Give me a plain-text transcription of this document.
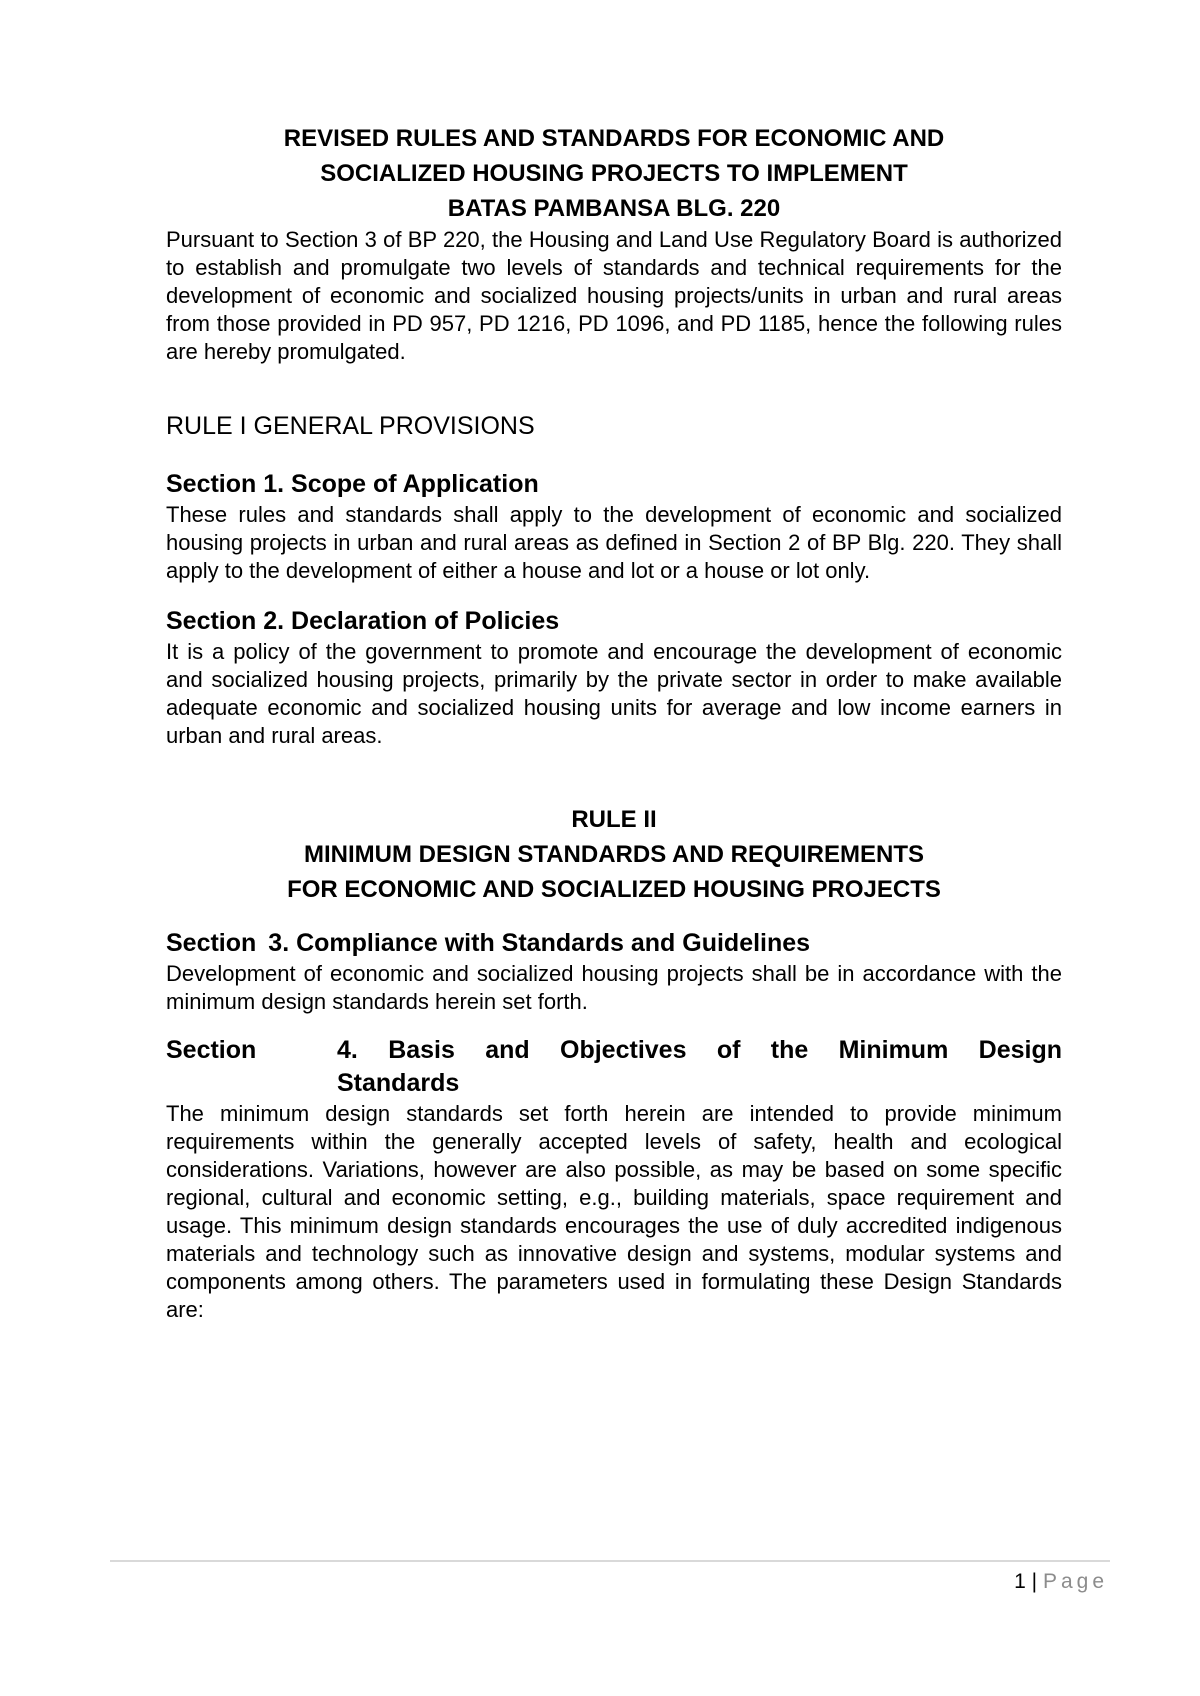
REVISED RULES AND STANDARDS FOR ECONOMIC AND
SOCIALIZED HOUSING PROJECTS TO IMPLEMENT
BATAS PAMBANSA BLG. 220

Pursuant to Section 3 of BP 220, the Housing and Land Use Regulatory Board is authorized to establish and promulgate two levels of standards and technical requirements for the development of economic and socialized housing projects/units in urban and rural areas from those provided in PD 957, PD 1216, PD 1096, and PD 1185, hence the following rules are hereby promulgated.

RULE I GENERAL PROVISIONS
Section 1. Scope of Application

These rules and standards shall apply to the development of economic and socialized housing projects in urban and rural areas as defined in Section 2 of BP Blg. 220. They shall apply to the development of either a house and lot or a house or lot only.

Section 2. Declaration of Policies

It is a policy of the government to promote and encourage the development of economic and socialized housing projects, primarily by the private sector in order to make available adequate economic and socialized housing units for average and low income earners in urban and rural areas.

RULE II
MINIMUM DESIGN STANDARDS AND REQUIREMENTS
FOR ECONOMIC AND SOCIALIZED HOUSING PROJECTS
Section 3. Compliance with Standards and Guidelines

Development of economic and socialized housing projects shall be in accordance with the minimum design standards herein set forth.

Section	4. Basis and Objectives of the Minimum Design
Standards

The minimum design standards set forth herein are intended to provide minimum requirements within the generally accepted levels of safety, health and ecological considerations. Variations, however are also possible, as may be based on some specific regional, cultural and economic setting, e.g., building materials, space requirement and usage. This minimum design standards encourages the use of duly accredited indigenous materials and technology such as innovative design and systems, modular systems and components among others. The parameters used in formulating these Design Standards are:

1 | Page
